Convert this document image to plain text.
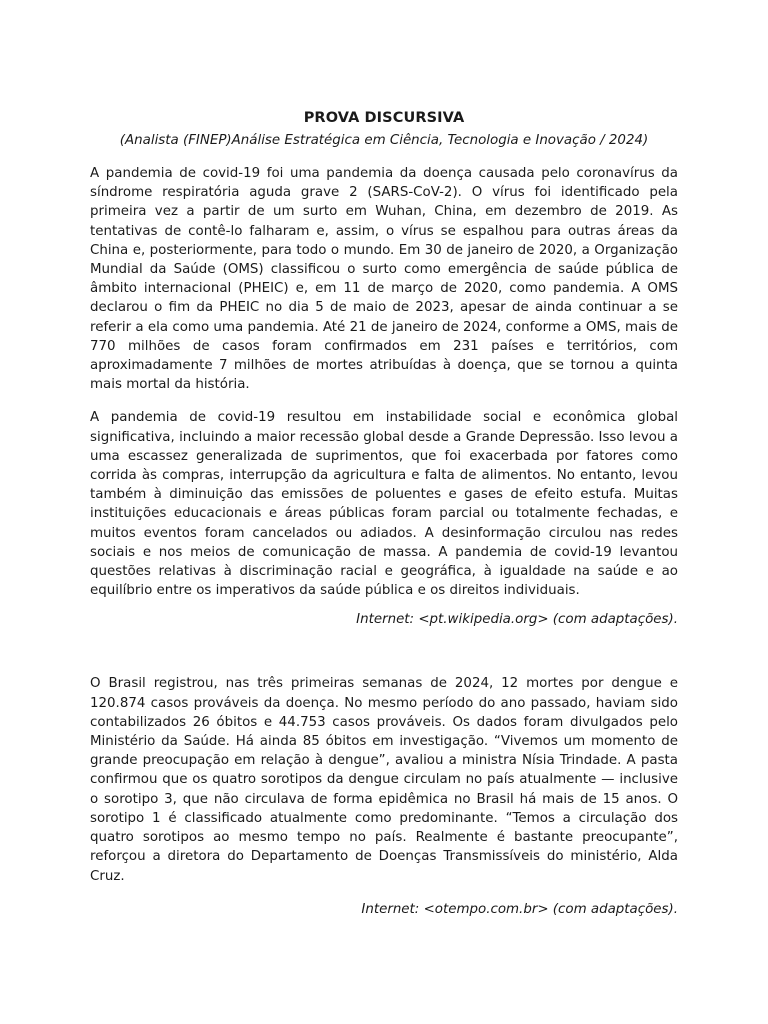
PROVA DISCURSIVA
(Analista (FINEP)Análise Estratégica em Ciência, Tecnologia e Inovação / 2024)

A pandemia de covid-19 foi uma pandemia da doença causada pelo coronavírus da síndrome respiratória aguda grave 2 (SARS-CoV-2). O vírus foi identificado pela primeira vez a partir de um surto em Wuhan, China, em dezembro de 2019. As tentativas de contê-lo falharam e, assim, o vírus se espalhou para outras áreas da China e, posteriormente, para todo o mundo. Em 30 de janeiro de 2020, a Organização Mundial da Saúde (OMS) classificou o surto como emergência de saúde pública de âmbito internacional (PHEIC) e, em 11 de março de 2020, como pandemia. A OMS declarou o fim da PHEIC no dia 5 de maio de 2023, apesar de ainda continuar a se referir a ela como uma pandemia. Até 21 de janeiro de 2024, conforme a OMS, mais de 770 milhões de casos foram confirmados em 231 países e territórios, com aproximadamente 7 milhões de mortes atribuídas à doença, que se tornou a quinta mais mortal da história.

A pandemia de covid-19 resultou em instabilidade social e econômica global significativa, incluindo a maior recessão global desde a Grande Depressão. Isso levou a uma escassez generalizada de suprimentos, que foi exacerbada por fatores como corrida às compras, interrupção da agricultura e falta de alimentos. No entanto, levou também à diminuição das emissões de poluentes e gases de efeito estufa. Muitas instituições educacionais e áreas públicas foram parcial ou totalmente fechadas, e muitos eventos foram cancelados ou adiados. A desinformação circulou nas redes sociais e nos meios de comunicação de massa. A pandemia de covid-19 levantou questões relativas à discriminação racial e geográfica, à igualdade na saúde e ao equilíbrio entre os imperativos da saúde pública e os direitos individuais.

Internet: <pt.wikipedia.org> (com adaptações).

O Brasil registrou, nas três primeiras semanas de 2024, 12 mortes por dengue e 120.874 casos prováveis da doença. No mesmo período do ano passado, haviam sido contabilizados 26 óbitos e 44.753 casos prováveis. Os dados foram divulgados pelo Ministério da Saúde. Há ainda 85 óbitos em investigação. “Vivemos um momento de grande preocupação em relação à dengue”, avaliou a ministra Nísia Trindade. A pasta confirmou que os quatro sorotipos da dengue circulam no país atualmente — inclusive o sorotipo 3, que não circulava de forma epidêmica no Brasil há mais de 15 anos. O sorotipo 1 é classificado atualmente como predominante. “Temos a circulação dos quatro sorotipos ao mesmo tempo no país. Realmente é bastante preocupante”, reforçou a diretora do Departamento de Doenças Transmissíveis do ministério, Alda Cruz.

Internet: <otempo.com.br> (com adaptações).
